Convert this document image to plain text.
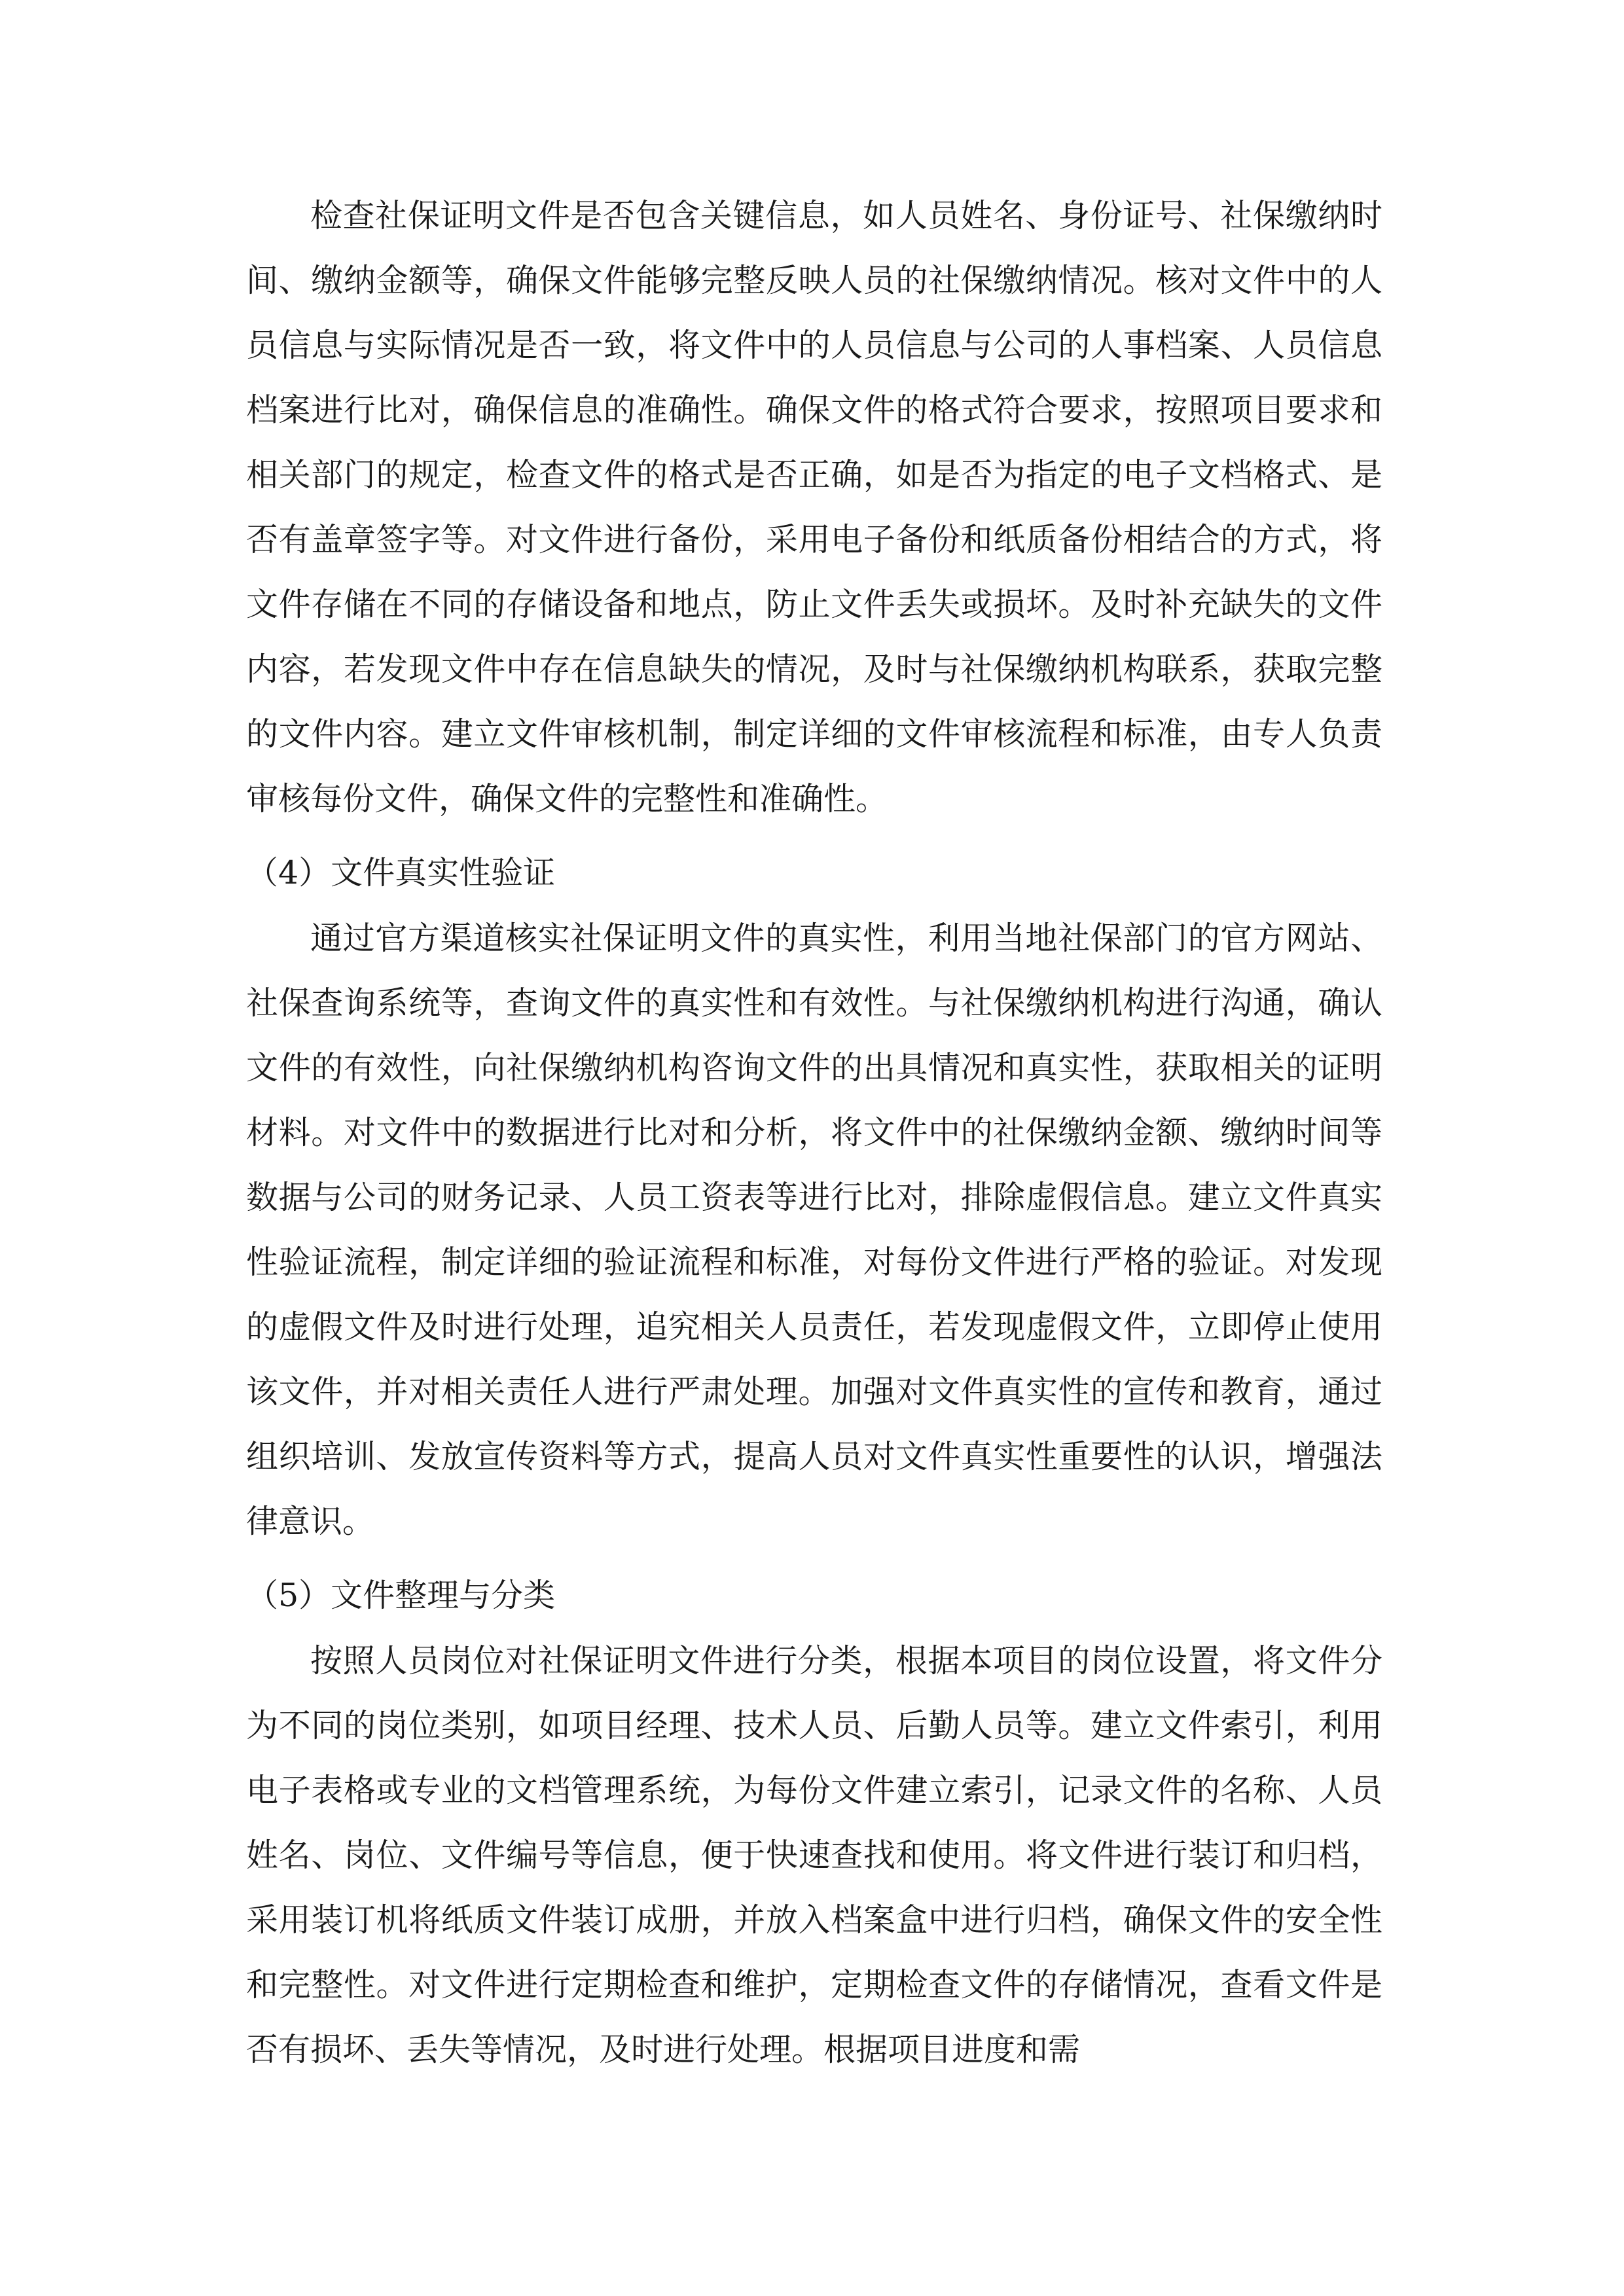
检查社保证明文件是否包含关键信息，如人员姓名、身份证号、社保缴纳时间、缴纳金额等，确保文件能够完整反映人员的社保缴纳情况。核对文件中的人员信息与实际情况是否一致，将文件中的人员信息与公司的人事档案、人员信息档案进行比对，确保信息的准确性。确保文件的格式符合要求，按照项目要求和相关部门的规定，检查文件的格式是否正确，如是否为指定的电子文档格式、是否有盖章签字等。对文件进行备份，采用电子备份和纸质备份相结合的方式，将文件存储在不同的存储设备和地点，防止文件丢失或损坏。及时补充缺失的文件内容，若发现文件中存在信息缺失的情况，及时与社保缴纳机构联系，获取完整的文件内容。建立文件审核机制，制定详细的文件审核流程和标准，由专人负责审核每份文件，确保文件的完整性和准确性。

（4）文件真实性验证

通过官方渠道核实社保证明文件的真实性，利用当地社保部门的官方网站、社保查询系统等，查询文件的真实性和有效性。与社保缴纳机构进行沟通，确认文件的有效性，向社保缴纳机构咨询文件的出具情况和真实性，获取相关的证明材料。对文件中的数据进行比对和分析，将文件中的社保缴纳金额、缴纳时间等数据与公司的财务记录、人员工资表等进行比对，排除虚假信息。建立文件真实性验证流程，制定详细的验证流程和标准，对每份文件进行严格的验证。对发现的虚假文件及时进行处理，追究相关人员责任，若发现虚假文件，立即停止使用该文件，并对相关责任人进行严肃处理。加强对文件真实性的宣传和教育，通过组织培训、发放宣传资料等方式，提高人员对文件真实性重要性的认识，增强法律意识。

（5）文件整理与分类

按照人员岗位对社保证明文件进行分类，根据本项目的岗位设置，将文件分为不同的岗位类别，如项目经理、技术人员、后勤人员等。建立文件索引，利用电子表格或专业的文档管理系统，为每份文件建立索引，记录文件的名称、人员姓名、岗位、文件编号等信息，便于快速查找和使用。将文件进行装订和归档，采用装订机将纸质文件装订成册，并放入档案盒中进行归档，确保文件的安全性和完整性。对文件进行定期检查和维护，定期检查文件的存储情况，查看文件是否有损坏、丢失等情况，及时进行处理。根据项目进度和需
